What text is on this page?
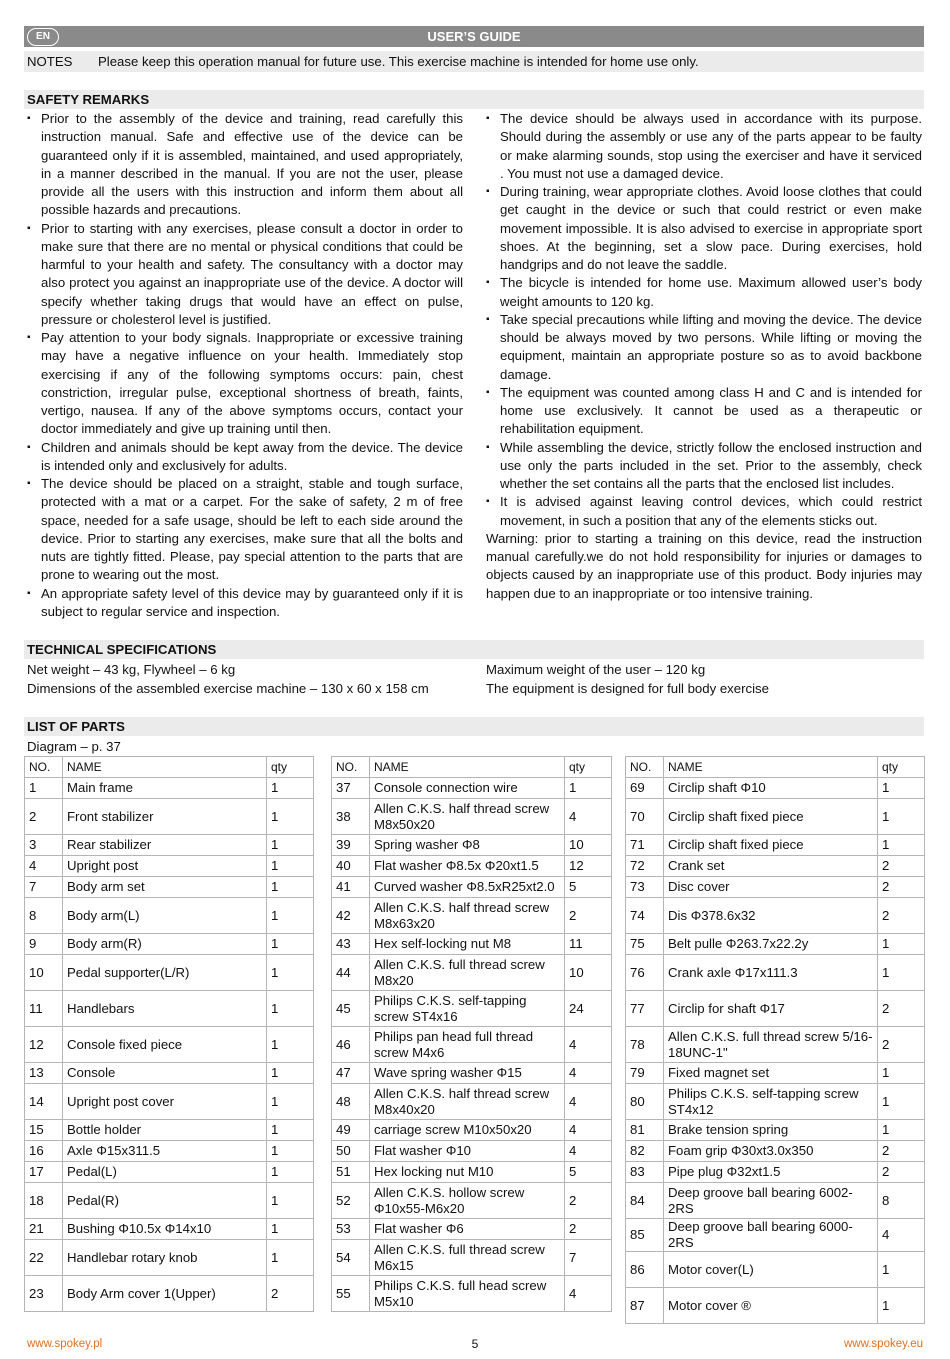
EN	USER’S GUIDE
NOTES Please keep this operation manual for future use. This exercise machine is intended for home use only.
SAFETY REMARKS
▪ Prior to the assembly of the device and training, read carefully this instruction manual. Safe and effective use of the device can be guaranteed only if it is assembled, maintained, and used appropriately, in a manner described in the manual. If you are not the user, please provide all the users with this instruction and inform them about all possible hazards and precautions.
▪ Prior to starting with any exercises, please consult a doctor in order to make sure that there are no mental or physical conditions that could be harmful to your health and safety. The consultancy with a doctor may also protect you against an inappropriate use of the device. A doctor will specify whether taking drugs that would have an effect on pulse, pressure or cholesterol level is justified.
▪ Pay attention to your body signals. Inappropriate or excessive training may have a negative influence on your health. Immediately stop exercising if any of the following symptoms occurs: pain, chest constriction, irregular pulse, exceptional shortness of breath, faints, vertigo, nausea. If any of the above symptoms occurs, contact your doctor immediately and give up training until then.
▪ Children and animals should be kept away from the device. The device is intended only and exclusively for adults.
▪ The device should be placed on a straight, stable and tough surface, protected with a mat or a carpet. For the sake of safety, 2 m of free space, needed for a safe usage, should be left to each side around the device. Prior to starting any exercises, make sure that all the bolts and nuts are tightly fitted. Please, pay special attention to the parts that are prone to wearing out the most.
▪ An appropriate safety level of this device may by guaranteed only if it is subject to regular service and inspection.
▪ The device should be always used in accordance with its purpose. Should during the assembly or use any of the parts appear to be faulty or make alarming sounds, stop using the exerciser and have it serviced . You must not use a damaged device.
▪ During training, wear appropriate clothes. Avoid loose clothes that could get caught in the device or such that could restrict or even make movement impossible. It is also advised to exercise in appropriate sport shoes. At the beginning, set a slow pace. During exercises, hold handgrips and do not leave the saddle.
▪ The bicycle is intended for home use. Maximum allowed user’s body weight amounts to 120 kg.
▪ Take special precautions while lifting and moving the device. The device should be always moved by two persons. While lifting or moving the equipment, maintain an appropriate posture so as to avoid backbone damage.
▪ The equipment was counted among class H and C and is intended for home use exclusively. It cannot be used as a therapeutic or rehabilitation equipment.
▪ While assembling the device, strictly follow the enclosed instruction and use only the parts included in the set. Prior to the assembly, check whether the set contains all the parts that the enclosed list includes.
▪ It is advised against leaving control devices, which could restrict movement, in such a position that any of the elements sticks out.

Warning: prior to starting a training on this device, read the instruction manual carefully.we do not hold responsibility for injuries or damages to objects caused by an inappropriate use of this product. Body injuries may happen due to an inappropriate or too intensive training.

TECHNICAL SPECIFICATIONS
Net weight – 43 kg, Flywheel – 6 kg
Dimensions of the assembled exercise machine – 130 x 60 x 158 cm
Maximum weight of the user – 120 kg
The equipment is designed for full body exercise
LIST OF PARTS
Diagram – p. 37
NO.	NAME	qty
1	Main frame	1
2	Front stabilizer	1
3	Rear stabilizer	1
4	Upright post	1
7	Body arm set	1
8	Body arm(L)	1
9	Body arm(R)	1
10	Pedal supporter(L/R)	1
11	Handlebars	1
12	Console fixed piece	1
13	Console	1
14	Upright post cover	1
15	Bottle holder	1
16	Axle Φ15x311.5	1
17	Pedal(L)	1
18	Pedal(R)	1
21	Bushing Φ10.5x Φ14x10	1
22	Handlebar rotary knob	1
23	Body Arm cover 1(Upper)	2
NO.	NAME	qty
37	Console connection wire	1
38	Allen C.K.S. half thread screw M8x50x20	4
39	Spring washer Φ8	10
40	Flat washer Φ8.5x Φ20xt1.5	12
41	Curved washer Φ8.5xR25xt2.0	5
42	Allen C.K.S. half thread screw M8x63x20	2
43	Hex self-locking nut M8	11
44	Allen C.K.S. full thread screw M8x20	10
45	Philips C.K.S. self-tapping screw ST4x16	24
46	Philips pan head full thread screw M4x6	4
47	Wave spring washer Φ15	4
48	Allen C.K.S. half thread screw M8x40x20	4
49	carriage screw M10x50x20	4
50	Flat washer Φ10	4
51	Hex locking nut M10	5
52	Allen C.K.S. hollow screw Φ10x55-M6x20	2
53	Flat washer Φ6	2
54	Allen C.K.S. full thread screw M6x15	7
55	Philips C.K.S. full head screw M5x10	4
NO.	NAME	qty
69	Circlip shaft Φ10	1
70	Circlip shaft fixed piece	1
71	Circlip shaft fixed piece	1
72	Crank set	2
73	Disc cover	2
74	Dis Φ378.6x32	2
75	Belt pulle Φ263.7x22.2y	1
76	Crank axle Φ17x111.3	1
77	Circlip for shaft Φ17	2
78	Allen C.K.S. full thread screw 5/16-18UNC-1"	2
79	Fixed magnet set	1
80	Philips C.K.S. self-tapping screw ST4x12	1
81	Brake tension spring	1
82	Foam grip Φ30xt3.0x350	2
83	Pipe plug Φ32xt1.5	2
84	Deep groove ball bearing 6002-2RS	8
85	Deep groove ball bearing 6000-2RS	4
86	Motor cover(L)	1
87	Motor cover ®	1
www.spokey.pl	5	www.spokey.eu
